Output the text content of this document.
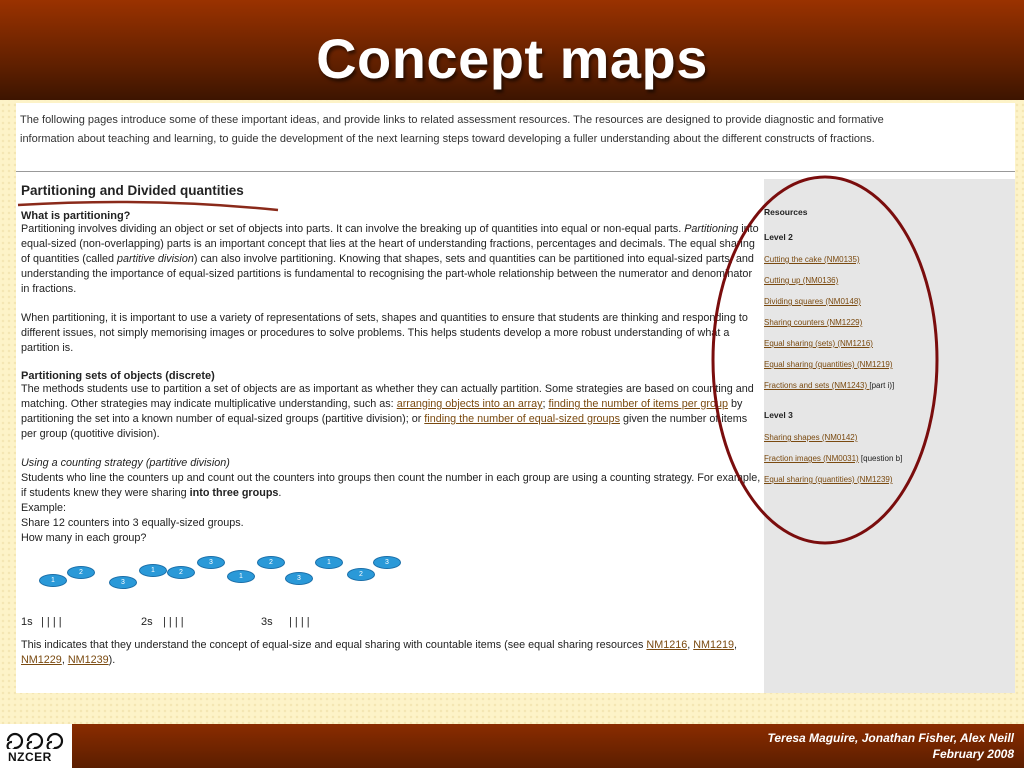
Concept maps
The following pages introduce some of these important ideas, and provide links to related assessment resources. The resources are designed to provide diagnostic and formative
information about teaching and learning, to guide the development of the next learning steps toward developing a fuller understanding about the different constructs of fractions.
Partitioning and Divided quantities
What is partitioning?

Partitioning involves dividing an object or set of objects into parts. It can involve the breaking up of quantities into equal or non-equal parts. Partitioning into equal-sized (non-overlapping) parts is an important concept that lies at the heart of understanding fractions, percentages and decimals. The equal sharing of quantities (called partitive division) can also involve partitioning. Knowing that shapes, sets and quantities can be partitioned into equal-sized parts, and understanding the importance of equal-sized partitions is fundamental to recognising the part-whole relationship between the numerator and denominator in fractions.

When partitioning, it is important to use a variety of representations of sets, shapes and quantities to ensure that students are thinking and responding to different issues, not simply memorising images or procedures to solve problems. This helps students develop a more robust understanding of what a partition is.

Partitioning sets of objects (discrete)

The methods students use to partition a set of objects are as important as whether they can actually partition. Some strategies are based on counting and matching. Other strategies may indicate multiplicative understanding, such as: arranging objects into an array; finding the number of items per group by partitioning the set into a known number of equal-sized groups (partitive division); or finding the number of equal-sized groups given the number of items per group (quotitive division).

Using a counting strategy (partitive division)

Students who line the counters up and count out the counters into groups then count the number in each group are using a counting strategy. For example, if students knew they were sharing into three groups.

Example:

Share 12 counters into 3 equally-sized groups.

How many in each group?

1
2
3
1	2
3
1
2
3
1
2
3
1s | | | |	2s | | | |	3s | | | |

This indicates that they understand the concept of equal-size and equal sharing with countable items (see equal sharing resources NM1216, NM1219, NM1229, NM1239).

Resources

Level 2

Cutting the cake (NM0135)

Cutting up (NM0136)

Dividing squares (NM0148)

Sharing counters (NM1229)

Equal sharing (sets) (NM1216)

Equal sharing (quantities) (NM1219)

Fractions and sets (NM1243) [part i)]

Level 3

Sharing shapes (NM0142)

Fraction images (NM0031) [question b]

Equal sharing (quantities) (NM1239)

NZCER
Teresa Maguire, Jonathan Fisher, Alex Neill
February 2008
